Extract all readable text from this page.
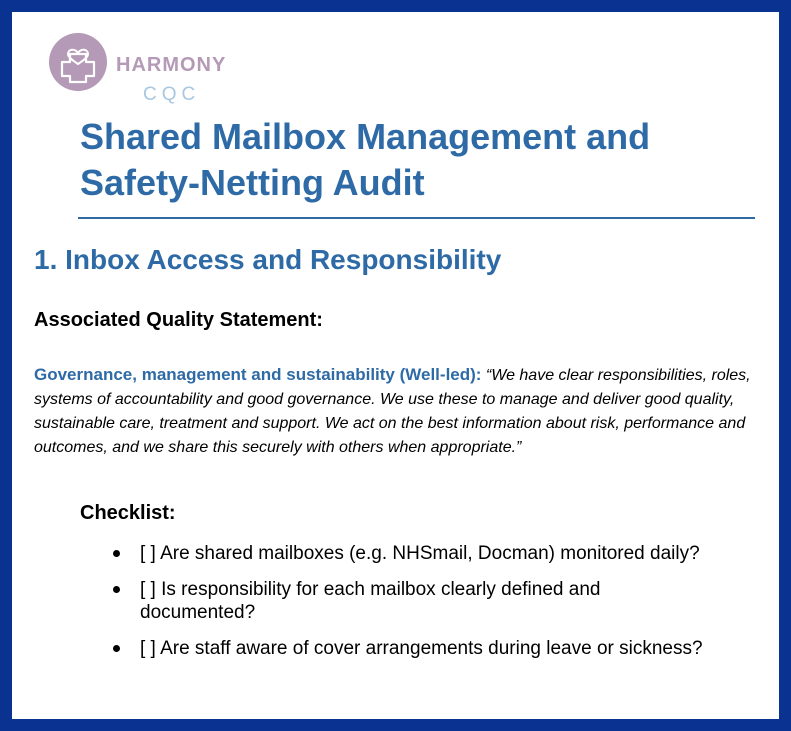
HARMONY
CQC
Shared Mailbox Management and Safety-Netting Audit
1. Inbox Access and Responsibility
Associated Quality Statement:

Governance, management and sustainability (Well-led): “We have clear responsibilities, roles, systems of accountability and good governance. We use these to manage and deliver good quality, sustainable care, treatment and support. We act on the best information about risk, performance and outcomes, and we share this securely with others when appropriate.”

Checklist:
[ ] Are shared mailboxes (e.g. NHSmail, Docman) monitored daily?
[ ] Is responsibility for each mailbox clearly defined and documented?
[ ] Are staff aware of cover arrangements during leave or sickness?
